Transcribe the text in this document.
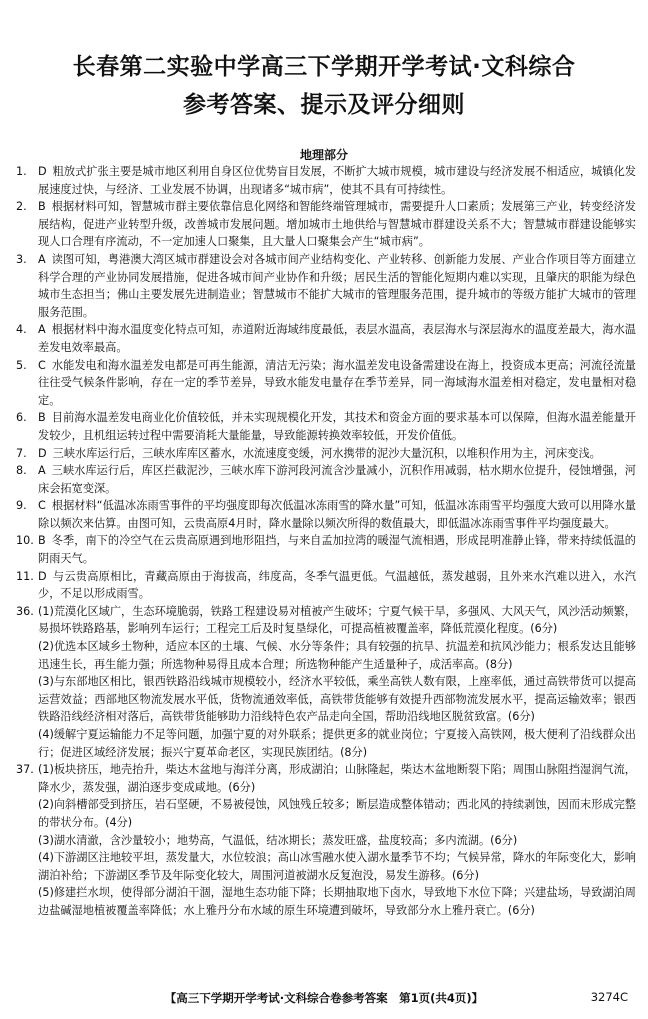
长春第二实验中学高三下学期开学考试·文科综合
参考答案、提示及评分细则
地理部分
1.	D 粗放式扩张主要是城市地区利用自身区位优势盲目发展，不断扩大城市规模，城市建设与经济发展不相适应，城镇化发展速度过快，与经济、工业发展不协调，出现诸多“城市病”，使其不具有可持续性。
2.	B 根据材料可知，智慧城市群主要依靠信息化网络和智能终端管理城市，需要提升人口素质；发展第三产业，转变经济发展结构，促进产业转型升级，改善城市发展问题。增加城市土地供给与智慧城市群建设关系不大；智慧城市群建设能够实现人口合理有序流动，不一定加速人口聚集，且大量人口聚集会产生“城市病”。
3.	A 读图可知，粤港澳大湾区城市群建设会对各城市间产业结构变化、产业转移、创新能力发展、产业合作项目等方面建立科学合理的产业协同发展措施，促进各城市间产业协作和升级；居民生活的智能化短期内难以实现，且肇庆的职能为绿色城市生态担当；佛山主要发展先进制造业；智慧城市不能扩大城市的管理服务范围，提升城市的等级方能扩大城市的管理服务范围。
4.	A 根据材料中海水温度变化特点可知，赤道附近海域纬度最低，表层水温高，表层海水与深层海水的温度差最大，海水温差发电效率最高。
5.	C 水能发电和海水温差发电都是可再生能源，清洁无污染；海水温差发电设备需建设在海上，投资成本更高；河流径流量往往受气候条件影响，存在一定的季节差异，导致水能发电量存在季节差异，同一海域海水温差相对稳定，发电量相对稳定。
6.	B 目前海水温差发电商业化价值较低，并未实现规模化开发，其技术和资金方面的要求基本可以保障，但海水温差能量开发较少，且机组运转过程中需要消耗大量能量，导致能源转换效率较低，开发价值低。
7.	D 三峡水库运行后，三峡水库库区蓄水，水流速度变缓，河水携带的泥沙大量沉积，以堆积作用为主，河床变浅。
8.	A 三峡水库运行后，库区拦截泥沙，三峡水库下游河段河流含沙量减小，沉积作用减弱，枯水期水位提升，侵蚀增强，河床会拓宽变深。
9.	C 根据材料“低温冰冻雨雪事件的平均强度即每次低温冰冻雨雪的降水量”可知，低温冰冻雨雪平均强度大致可以用降水量除以频次来估算。由图可知，云贵高原4月时，降水量除以频次所得的数值最大，即低温冰冻雨雪事件平均强度最大。
10. B 冬季，南下的冷空气在云贵高原遇到地形阻挡，与来自孟加拉湾的暖湿气流相遇，形成昆明准静止锋，带来持续低温的阴雨天气。
11. D 与云贵高原相比，青藏高原由于海拔高，纬度高，冬季气温更低。气温越低，蒸发越弱，且外来水汽难以进入，水汽少，不足以形成雨雪。
36. (1)荒漠化区域广，生态环境脆弱，铁路工程建设易对植被产生破坏；宁夏气候干旱，多强风、大风天气，风沙活动频繁，易损坏铁路路基，影响列车运行；工程完工后及时复垦绿化，可提高植被覆盖率，降低荒漠化程度。(6分)
(2)优选本区域乡土物种，适应本区的土壤、气候、水分等条件；具有较强的抗旱、抗温差和抗风沙能力；根系发达且能够迅速生长，再生能力强；所选物种易得且成本合理；所选物种能产生适量种子，成活率高。(8分)
(3)与东部地区相比，银西铁路沿线城市规模较小，经济水平较低，乘坐高铁人数有限，上座率低，通过高铁带货可以提高运营效益；西部地区物流发展水平低，货物流通效率低，高铁带货能够有效提升西部物流发展水平，提高运输效率；银西铁路沿线经济相对落后，高铁带货能够助力沿线特色农产品走向全国，帮助沿线地区脱贫致富。(6分)
(4)缓解宁夏运输能力不足等问题，加强宁夏的对外联系；提供更多的就业岗位；宁夏接入高铁网，极大便利了沿线群众出行；促进区域经济发展；振兴宁夏革命老区，实现民族团结。(8分)
37. (1)板块挤压，地壳抬升，柴达木盆地与海洋分离，形成湖泊；山脉隆起，柴达木盆地断裂下陷；周围山脉阻挡湿润气流，降水少，蒸发强，湖泊逐步变成咸地。(6分)
(2)向斜槽部受到挤压，岩石坚硬，不易被侵蚀，风蚀残丘较多；断层造成整体错动；西北风的持续剥蚀，因而末形成完整的带状分布。(4分)
(3)湖水清澈，含沙量较小；地势高，气温低，结冰期长；蒸发旺盛，盐度较高；多内流湖。(6分)
(4)下游湖区注地较平坦，蒸发量大，水位较浪；高山冰雪融水使入湖水量季节不均；气候异常，降水的年际变化大，影响湖泊补给；下游湖区季节及年际变化较大，周围河道被湖水反复泡没，易发生游移。(6分)
(5)修建拦水坝，使得部分湖泊干涸，湿地生态功能下降；长期抽取地下卤水，导致地下水位下降；兴建盐场，导致湖泊周边盐碱湿地植被覆盖率降低；水上雅丹分布水域的原生环境遭到破坏，导致部分水上雅丹衰亡。(6分)
【高三下学期开学考试·文科综合卷参考答案　第1页(共4页)】	3274C
